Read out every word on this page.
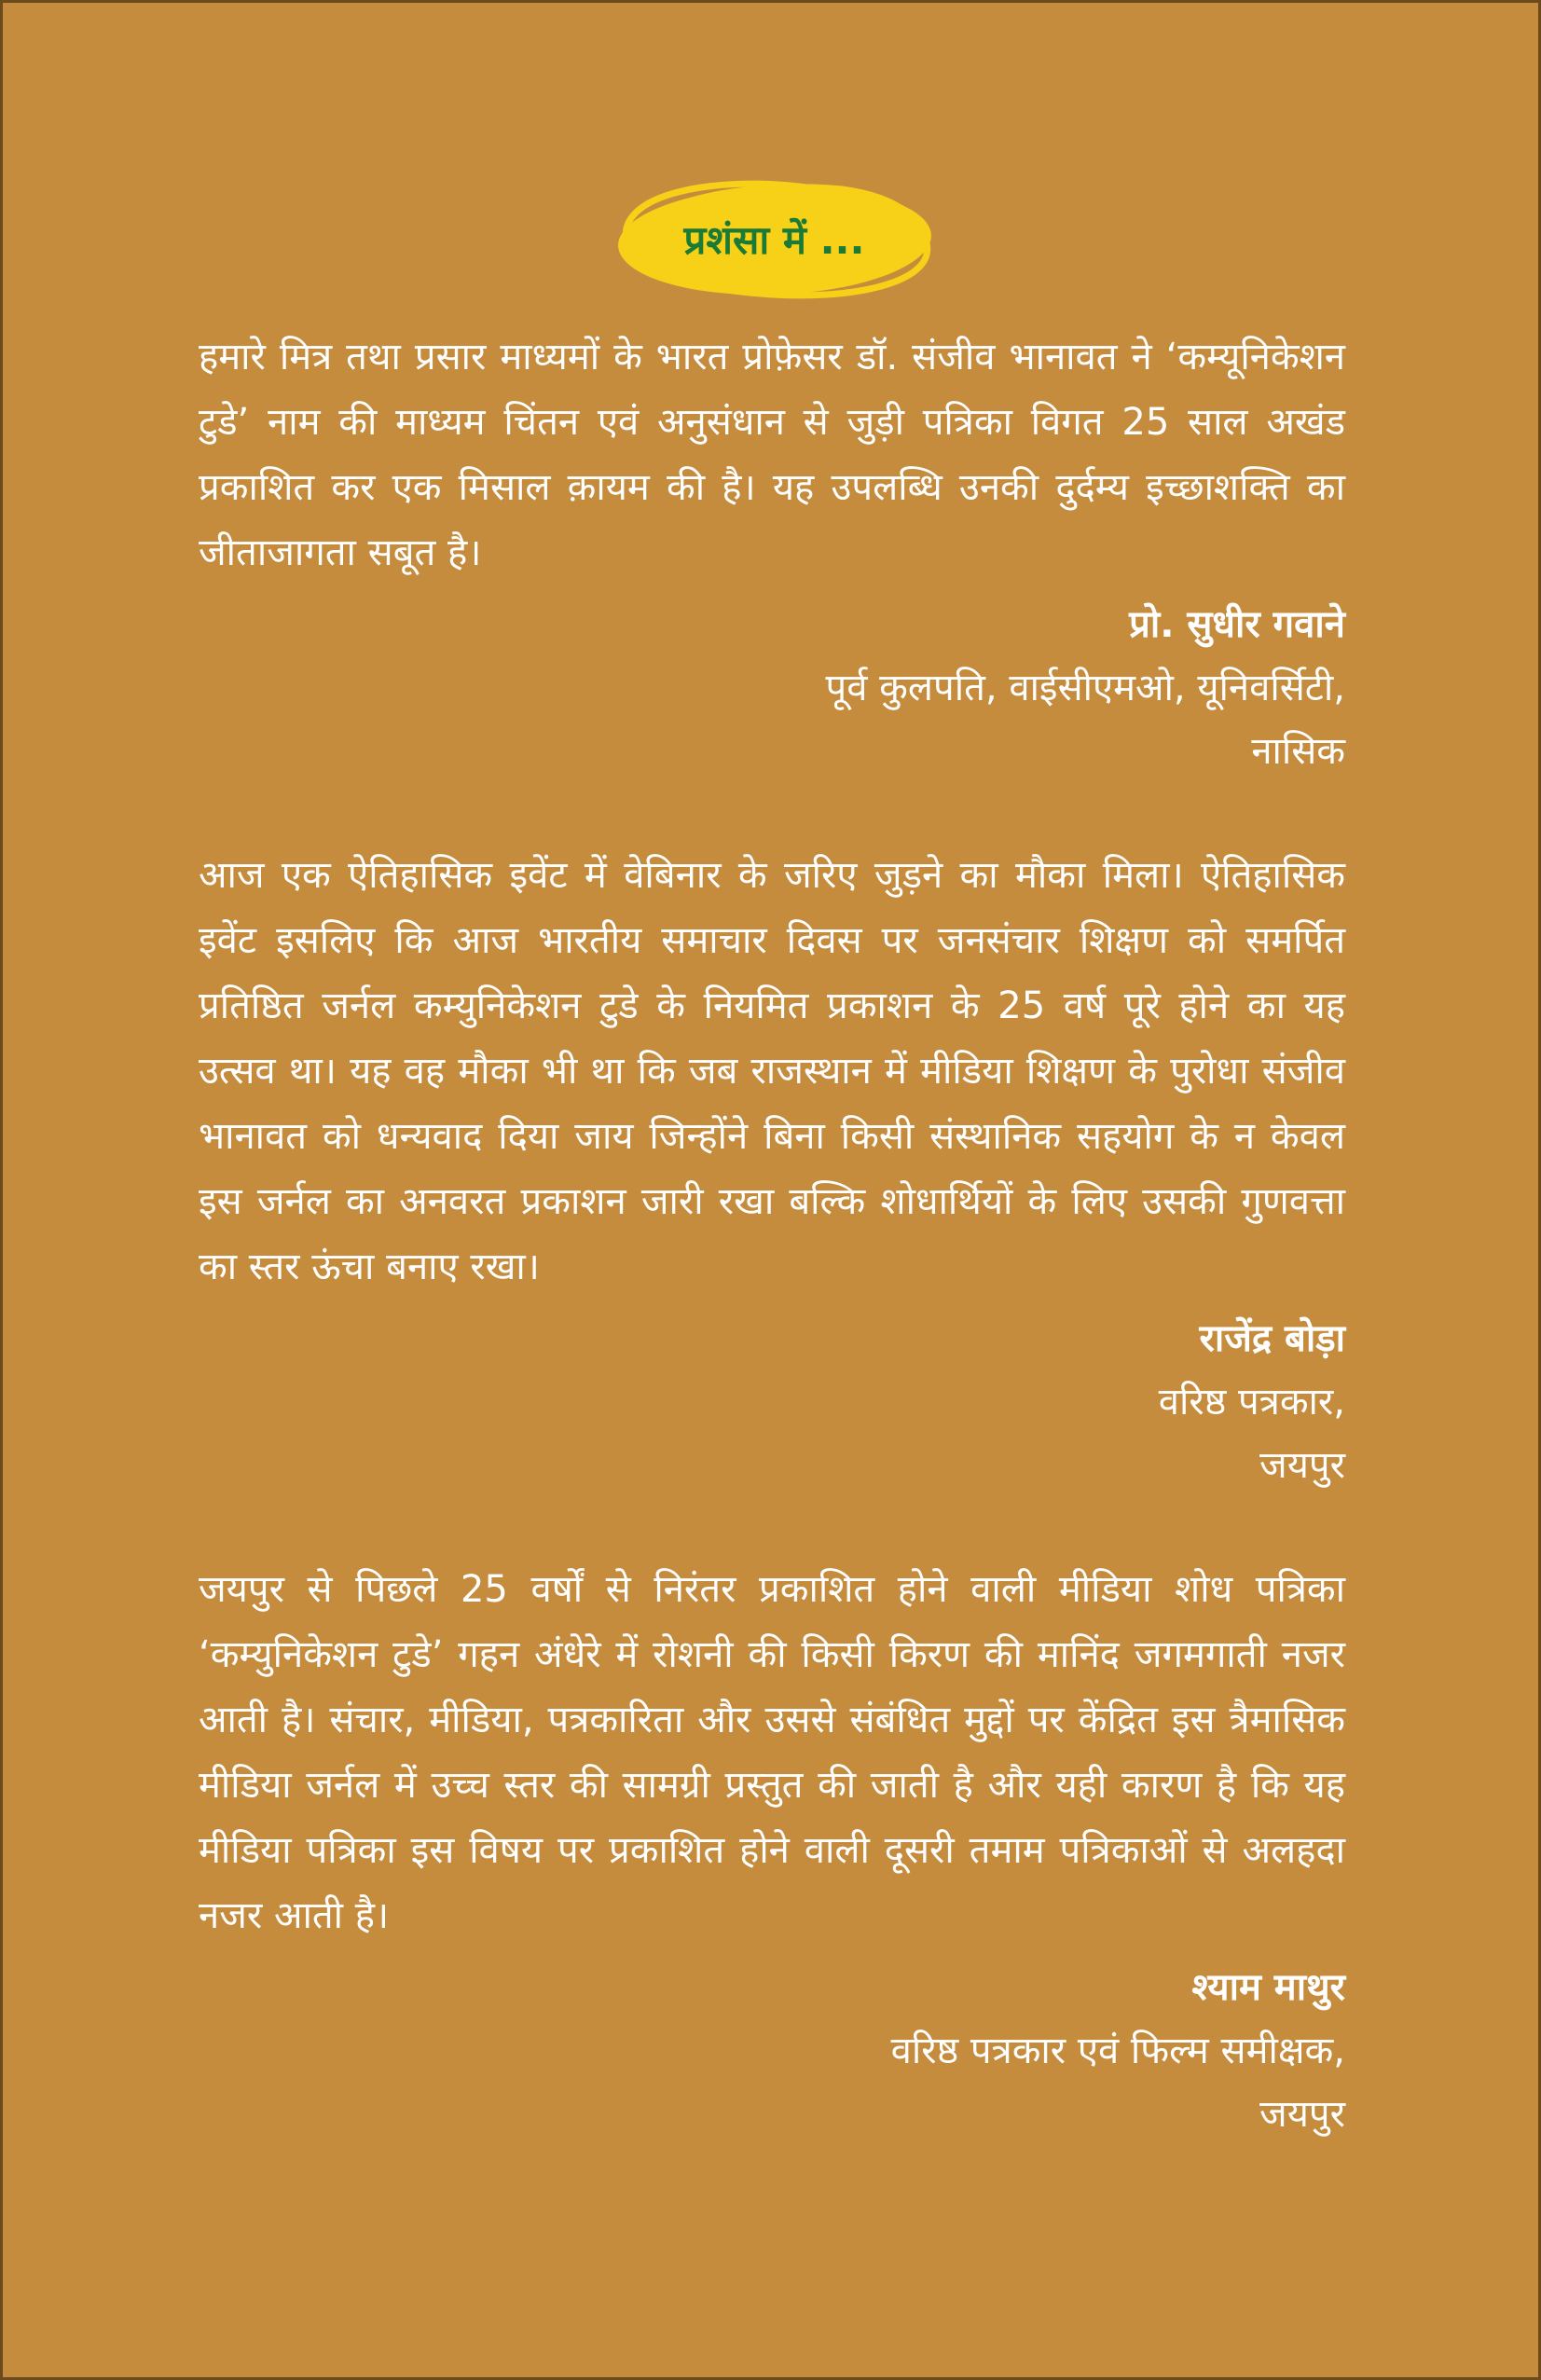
प्रशंसा में ...

हमारे मित्र तथा प्रसार माध्यमों के भारत प्रोफ़ेसर डॉ. संजीव भानावत ने ‘कम्यूनिकेशन टुडे’ नाम की माध्यम चिंतन एवं अनुसंधान से जुड़ी पत्रिका विगत 25 साल अखंड प्रकाशित कर एक मिसाल क़ायम की है। यह उपलब्धि उनकी दुर्दम्य इच्छाशक्ति का जीताजागता सबूत है।

प्रो. सुधीर गवाने
पूर्व कुलपति, वाईसीएमओ, यूनिवर्सिटी,
नासिक

आज एक ऐतिहासिक इवेंट में वेबिनार के जरिए जुड़ने का मौका मिला। ऐतिहासिक इवेंट इसलिए कि आज भारतीय समाचार दिवस पर जनसंचार शिक्षण को समर्पित प्रतिष्ठित जर्नल कम्युनिकेशन टुडे के नियमित प्रकाशन के 25 वर्ष पूरे होने का यह उत्सव था। यह वह मौका भी था कि जब राजस्थान में मीडिया शिक्षण के पुरोधा संजीव भानावत को धन्यवाद दिया जाय जिन्होंने बिना किसी संस्थानिक सहयोग के न केवल इस जर्नल का अनवरत प्रकाशन जारी रखा बल्कि शोधार्थियों के लिए उसकी गुणवत्ता का स्तर ऊंचा बनाए रखा।

राजेंद्र बोड़ा
वरिष्ठ पत्रकार,
जयपुर

जयपुर से पिछले 25 वर्षों से निरंतर प्रकाशित होने वाली मीडिया शोध पत्रिका ‘कम्युनिकेशन टुडे’ गहन अंधेरे में रोशनी की किसी किरण की मानिंद जगमगाती नजर आती है। संचार, मीडिया, पत्रकारिता और उससे संबंधित मुद्दों पर केंद्रित इस त्रैमासिक मीडिया जर्नल में उच्च स्तर की सामग्री प्रस्तुत की जाती है और यही कारण है कि यह मीडिया पत्रिका इस विषय पर प्रकाशित होने वाली दूसरी तमाम पत्रिकाओं से अलहदा नजर आती है।

श्याम माथुर
वरिष्ठ पत्रकार एवं फिल्म समीक्षक,
जयपुर
